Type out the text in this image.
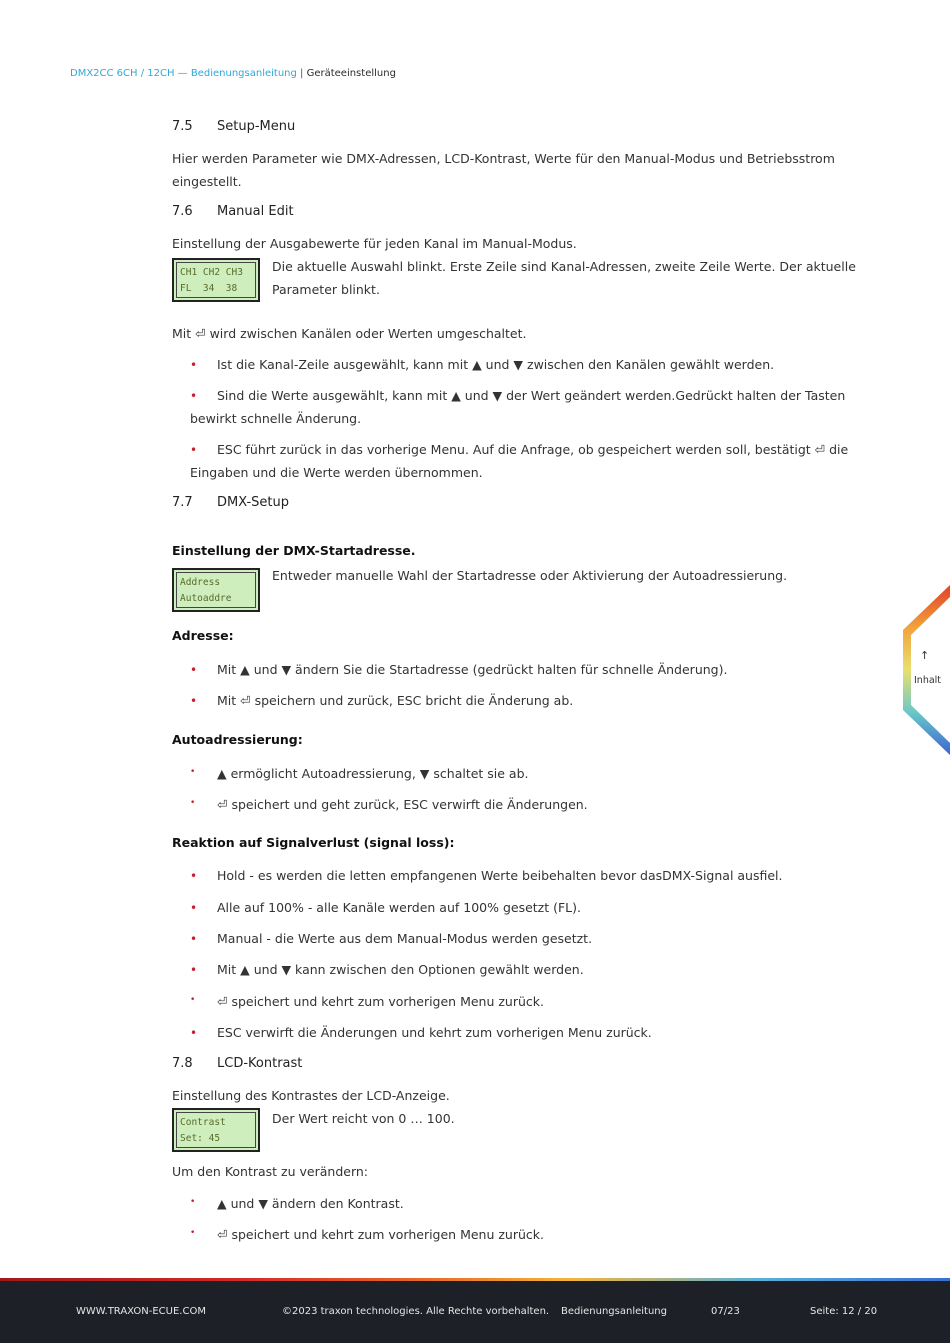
DMX2CC 6CH / 12CH — Bedienungsanleitung | Geräteeinstellung
7.5 Setup-Menu
Hier werden Parameter wie DMX-Adressen, LCD-Kontrast, Werte für den Manual-Modus und Betriebsstrom
eingestellt.
7.6 Manual Edit
Einstellung der Ausgabewerte für jeden Kanal im Manual-Modus.
CH1 CH2 CH3
FL  34  38
Die aktuelle Auswahl blinkt. Erste Zeile sind Kanal-Adressen, zweite Zeile Werte. Der aktuelle
Parameter blinkt.
Mit ⏎ wird zwischen Kanälen oder Werten umgeschaltet.
• Ist die Kanal-Zeile ausgewählt, kann mit ▲ und ▼ zwischen den Kanälen gewählt werden.
• Sind die Werte ausgewählt, kann mit ▲ und ▼ der Wert geändert werden.Gedrückt halten der Tasten
bewirkt schnelle Änderung.
• ESC führt zurück in das vorherige Menu. Auf die Anfrage, ob gespeichert werden soll, bestätigt ⏎ die
Eingaben und die Werte werden übernommen.
7.7 DMX-Setup
Einstellung der DMX-Startadresse.
Address
Autoaddre
Entweder manuelle Wahl der Startadresse oder Aktivierung der Autoadressierung.
Adresse:
• Mit ▲ und ▼ ändern Sie die Startadresse (gedrückt halten für schnelle Änderung).
• Mit ⏎ speichern und zurück, ESC bricht die Änderung ab.
Autoadressierung:
• ▲ ermöglicht Autoadressierung, ▼ schaltet sie ab.
• ⏎ speichert und geht zurück, ESC verwirft die Änderungen.
Reaktion auf Signalverlust (signal loss):
• Hold - es werden die letten empfangenen Werte beibehalten bevor dasDMX-Signal ausfiel.
• Alle auf 100% - alle Kanäle werden auf 100% gesetzt (FL).
• Manual - die Werte aus dem Manual-Modus werden gesetzt.
• Mit ▲ und ▼ kann zwischen den Optionen gewählt werden.
• ⏎ speichert und kehrt zum vorherigen Menu zurück.
• ESC verwirft die Änderungen und kehrt zum vorherigen Menu zurück.
7.8 LCD-Kontrast
Einstellung des Kontrastes der LCD-Anzeige.
Contrast
Set: 45
Der Wert reicht von 0 … 100.
Um den Kontrast zu verändern:
• ▲ und ▼ ändern den Kontrast.
• ⏎ speichert und kehrt zum vorherigen Menu zurück.
↑
Inhalt
WWW.TRAXON-ECUE.COM	©2023 traxon technologies. Alle Rechte vorbehalten. Bedienungsanleitung	07/23	Seite: 12 / 20
